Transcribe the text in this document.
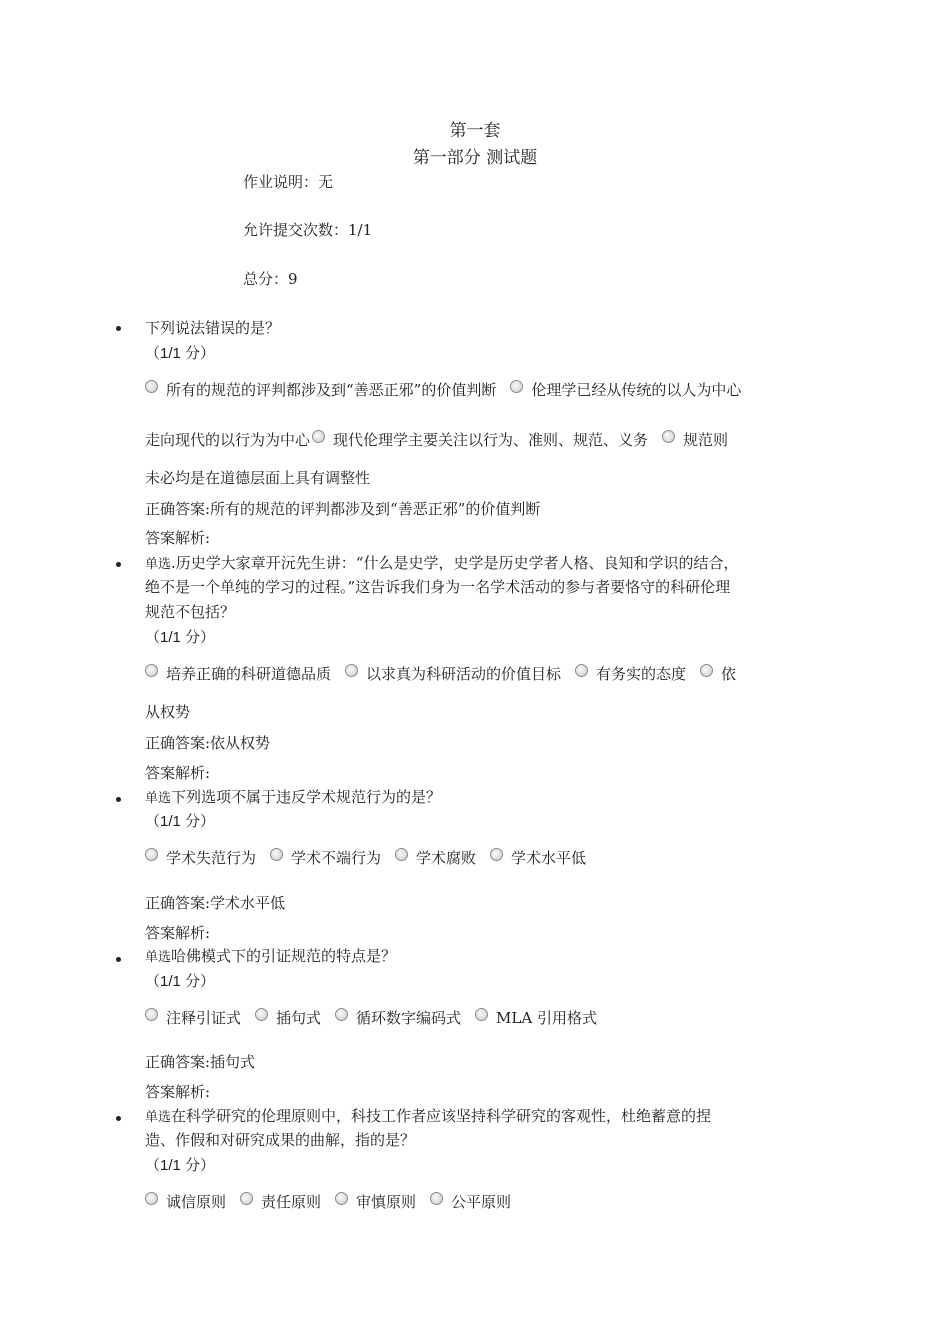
第一套
第一部分 测试题
作业说明：无
允许提交次数：1/1
总分：9
下列说法错误的是？
（1/1 分）
所有的规范的评判都涉及到“善恶正邪”的价值判断 伦理学已经从传统的以人为中心
走向现代的以行为为中心 现代伦理学主要关注以行为、准则、规范、义务 规范则
未必均是在道德层面上具有调整性
正确答案:所有的规范的评判都涉及到“善恶正邪”的价值判断
答案解析:
单选.历史学大家章开沅先生讲：“什么是史学，史学是历史学者人格、良知和学识的结合，
绝不是一个单纯的学习的过程。”这告诉我们身为一名学术活动的参与者要恪守的科研伦理
规范不包括？
（1/1 分）
培养正确的科研道德品质 以求真为科研活动的价值目标 有务实的态度 依
从权势
正确答案:依从权势
答案解析:
单选下列选项不属于违反学术规范行为的是？
（1/1 分）
学术失范行为 学术不端行为 学术腐败 学术水平低
正确答案:学术水平低
答案解析:
单选哈佛模式下的引证规范的特点是？
（1/1 分）
注释引证式 插句式 循环数字编码式 MLA 引用格式
正确答案:插句式
答案解析:
单选在科学研究的伦理原则中，科技工作者应该坚持科学研究的客观性，杜绝蓄意的捏
造、作假和对研究成果的曲解，指的是？
（1/1 分）
诚信原则 责任原则 审慎原则 公平原则
